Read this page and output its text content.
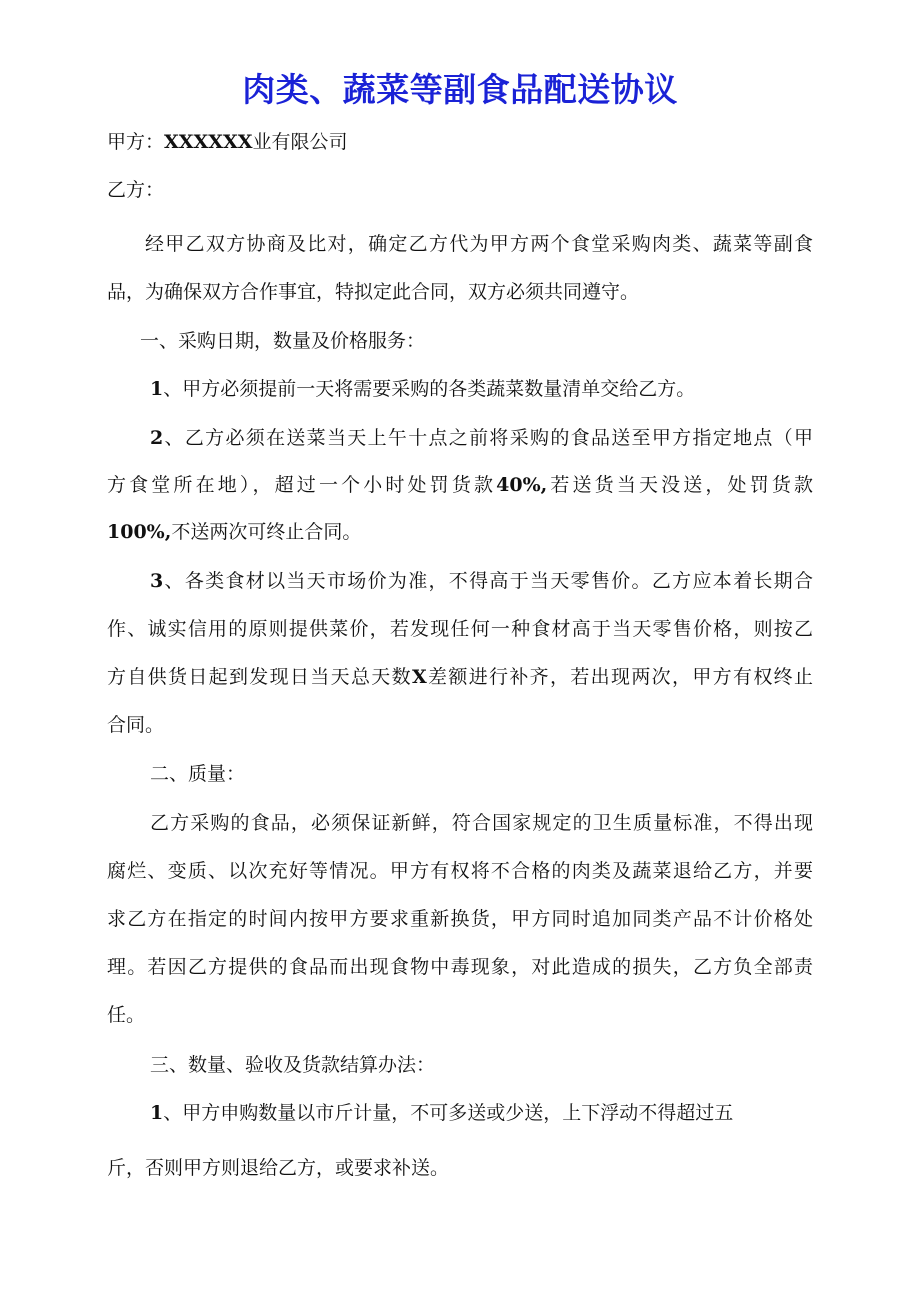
肉类、蔬菜等副食品配送协议

甲方：XXXXXX业有限公司

乙方：

经甲乙双方协商及比对，确定乙方代为甲方两个食堂采购肉类、蔬菜等副食

品，为确保双方合作事宜，特拟定此合同，双方必须共同遵守。

一、采购日期，数量及价格服务：

1、甲方必须提前一天将需要采购的各类蔬菜数量清单交给乙方。

2、乙方必须在送菜当天上午十点之前将采购的食品送至甲方指定地点（甲

方食堂所在地），超过一个小时处罚货款40%,若送货当天没送，处罚货款

100%,不送两次可终止合同。

3、各类食材以当天市场价为准，不得高于当天零售价。乙方应本着长期合

作、诚实信用的原则提供菜价，若发现任何一种食材高于当天零售价格，则按乙

方自供货日起到发现日当天总天数X差额进行补齐，若出现两次，甲方有权终止

合同。

二、质量：

乙方采购的食品，必须保证新鲜，符合国家规定的卫生质量标准，不得出现

腐烂、变质、以次充好等情况。甲方有权将不合格的肉类及蔬菜退给乙方，并要

求乙方在指定的时间内按甲方要求重新换货，甲方同时追加同类产品不计价格处

理。若因乙方提供的食品而出现食物中毒现象，对此造成的损失，乙方负全部责

任。

三、数量、验收及货款结算办法：

1、甲方申购数量以市斤计量，不可多送或少送，上下浮动不得超过五

斤，否则甲方则退给乙方，或要求补送。
